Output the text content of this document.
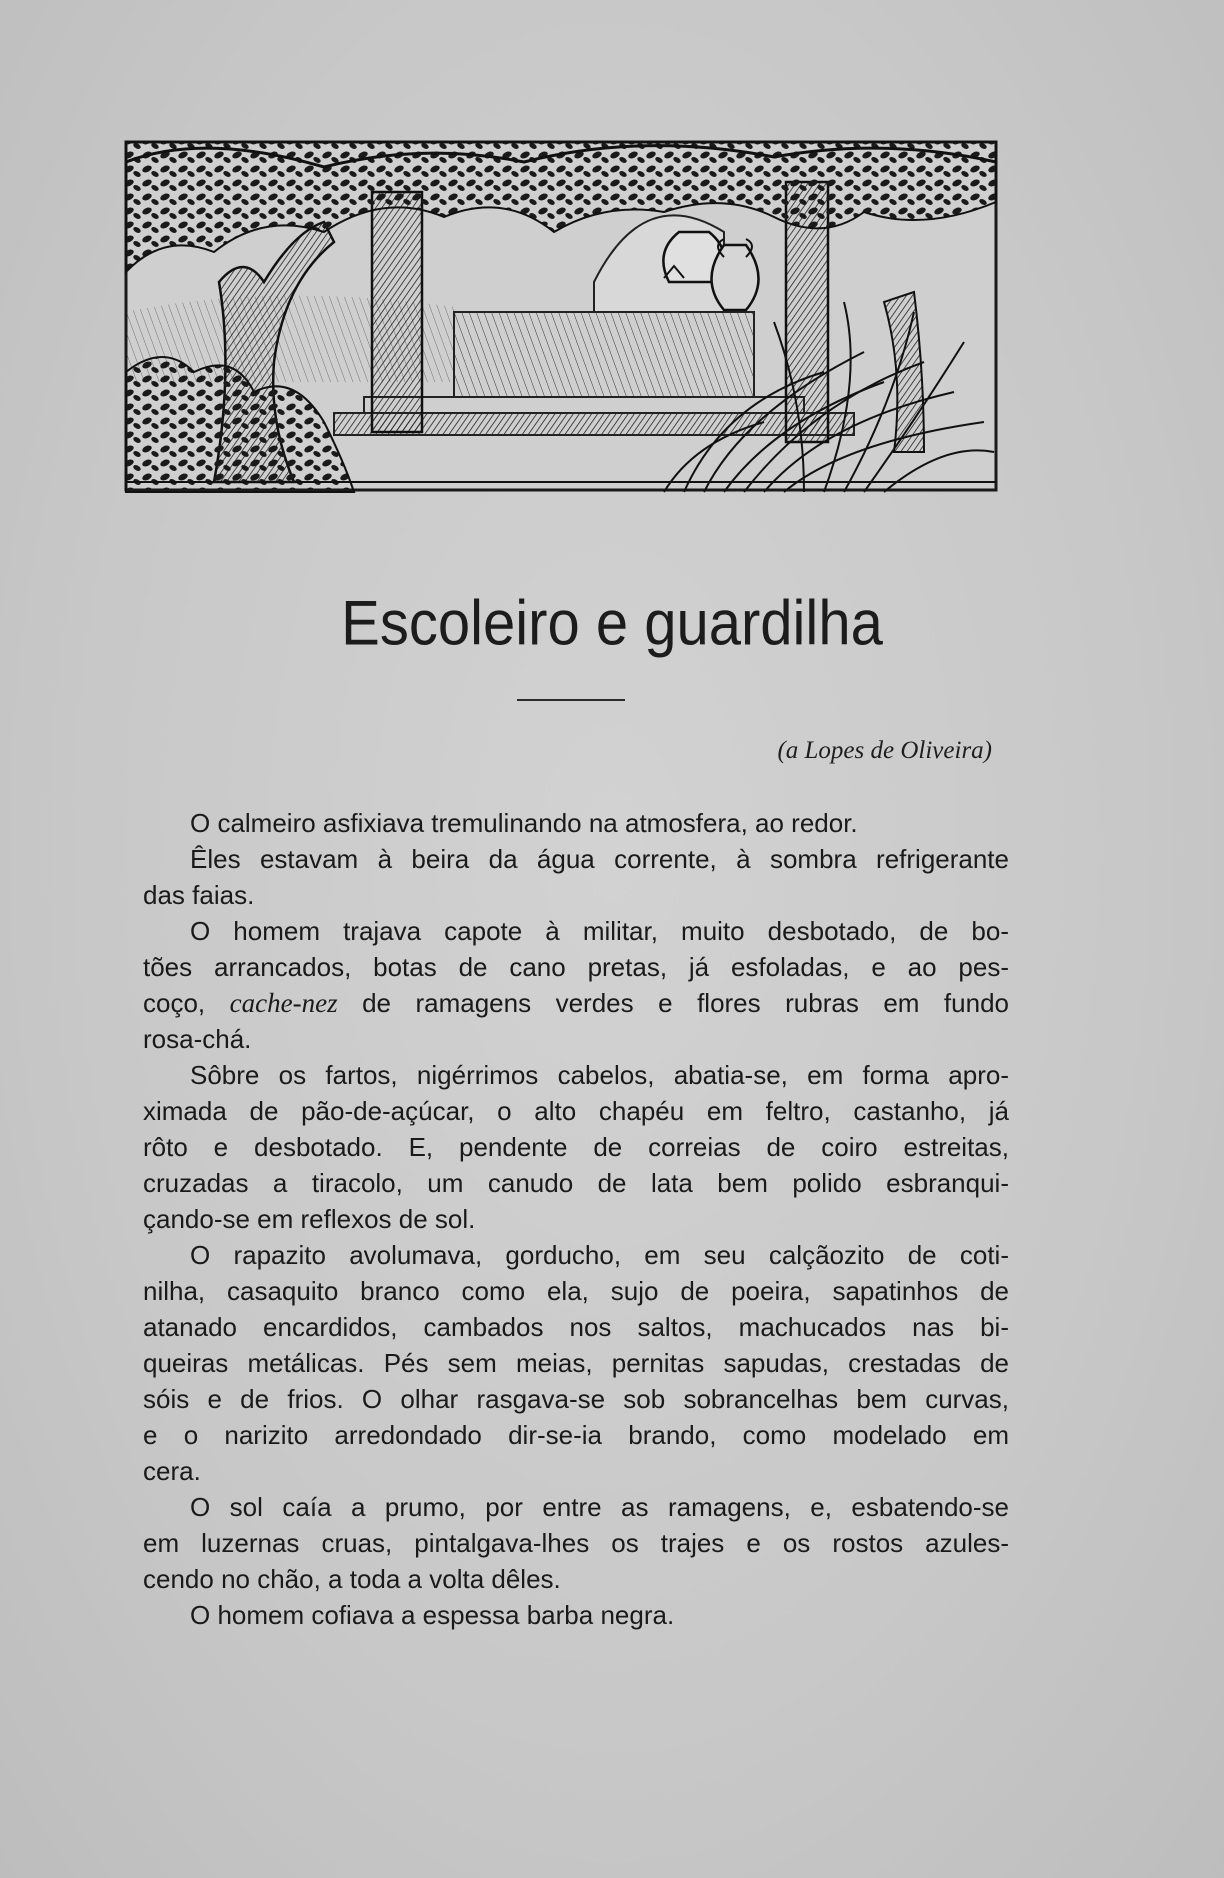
Escoleiro e guardilha
(a Lopes de Oliveira)
O calmeiro asfixiava tremulinando na atmosfera, ao redor.
Êles estavam à beira da água corrente, à sombra refrigerante
das faias.
O homem trajava capote à militar, muito desbotado, de bo-
tões arrancados, botas de cano pretas, já esfoladas, e ao pes-
coço, cache-nez de ramagens verdes e flores rubras em fundo
rosa-chá.
Sôbre os fartos, nigérrimos cabelos, abatia-se, em forma apro-
ximada de pão-de-açúcar, o alto chapéu em feltro, castanho, já
rôto e desbotado. E, pendente de correias de coiro estreitas,
cruzadas a tiracolo, um canudo de lata bem polido esbranqui-
çando-se em reflexos de sol.
O rapazito avolumava, gorducho, em seu calçãozito de coti-
nilha, casaquito branco como ela, sujo de poeira, sapatinhos de
atanado encardidos, cambados nos saltos, machucados nas bi-
queiras metálicas. Pés sem meias, pernitas sapudas, crestadas de
sóis e de frios. O olhar rasgava-se sob sobrancelhas bem curvas,
e o narizito arredondado dir-se-ia brando, como modelado em
cera.
O sol caía a prumo, por entre as ramagens, e, esbatendo-se
em luzernas cruas, pintalgava-lhes os trajes e os rostos azules-
cendo no chão, a toda a volta dêles.
O homem cofiava a espessa barba negra.
